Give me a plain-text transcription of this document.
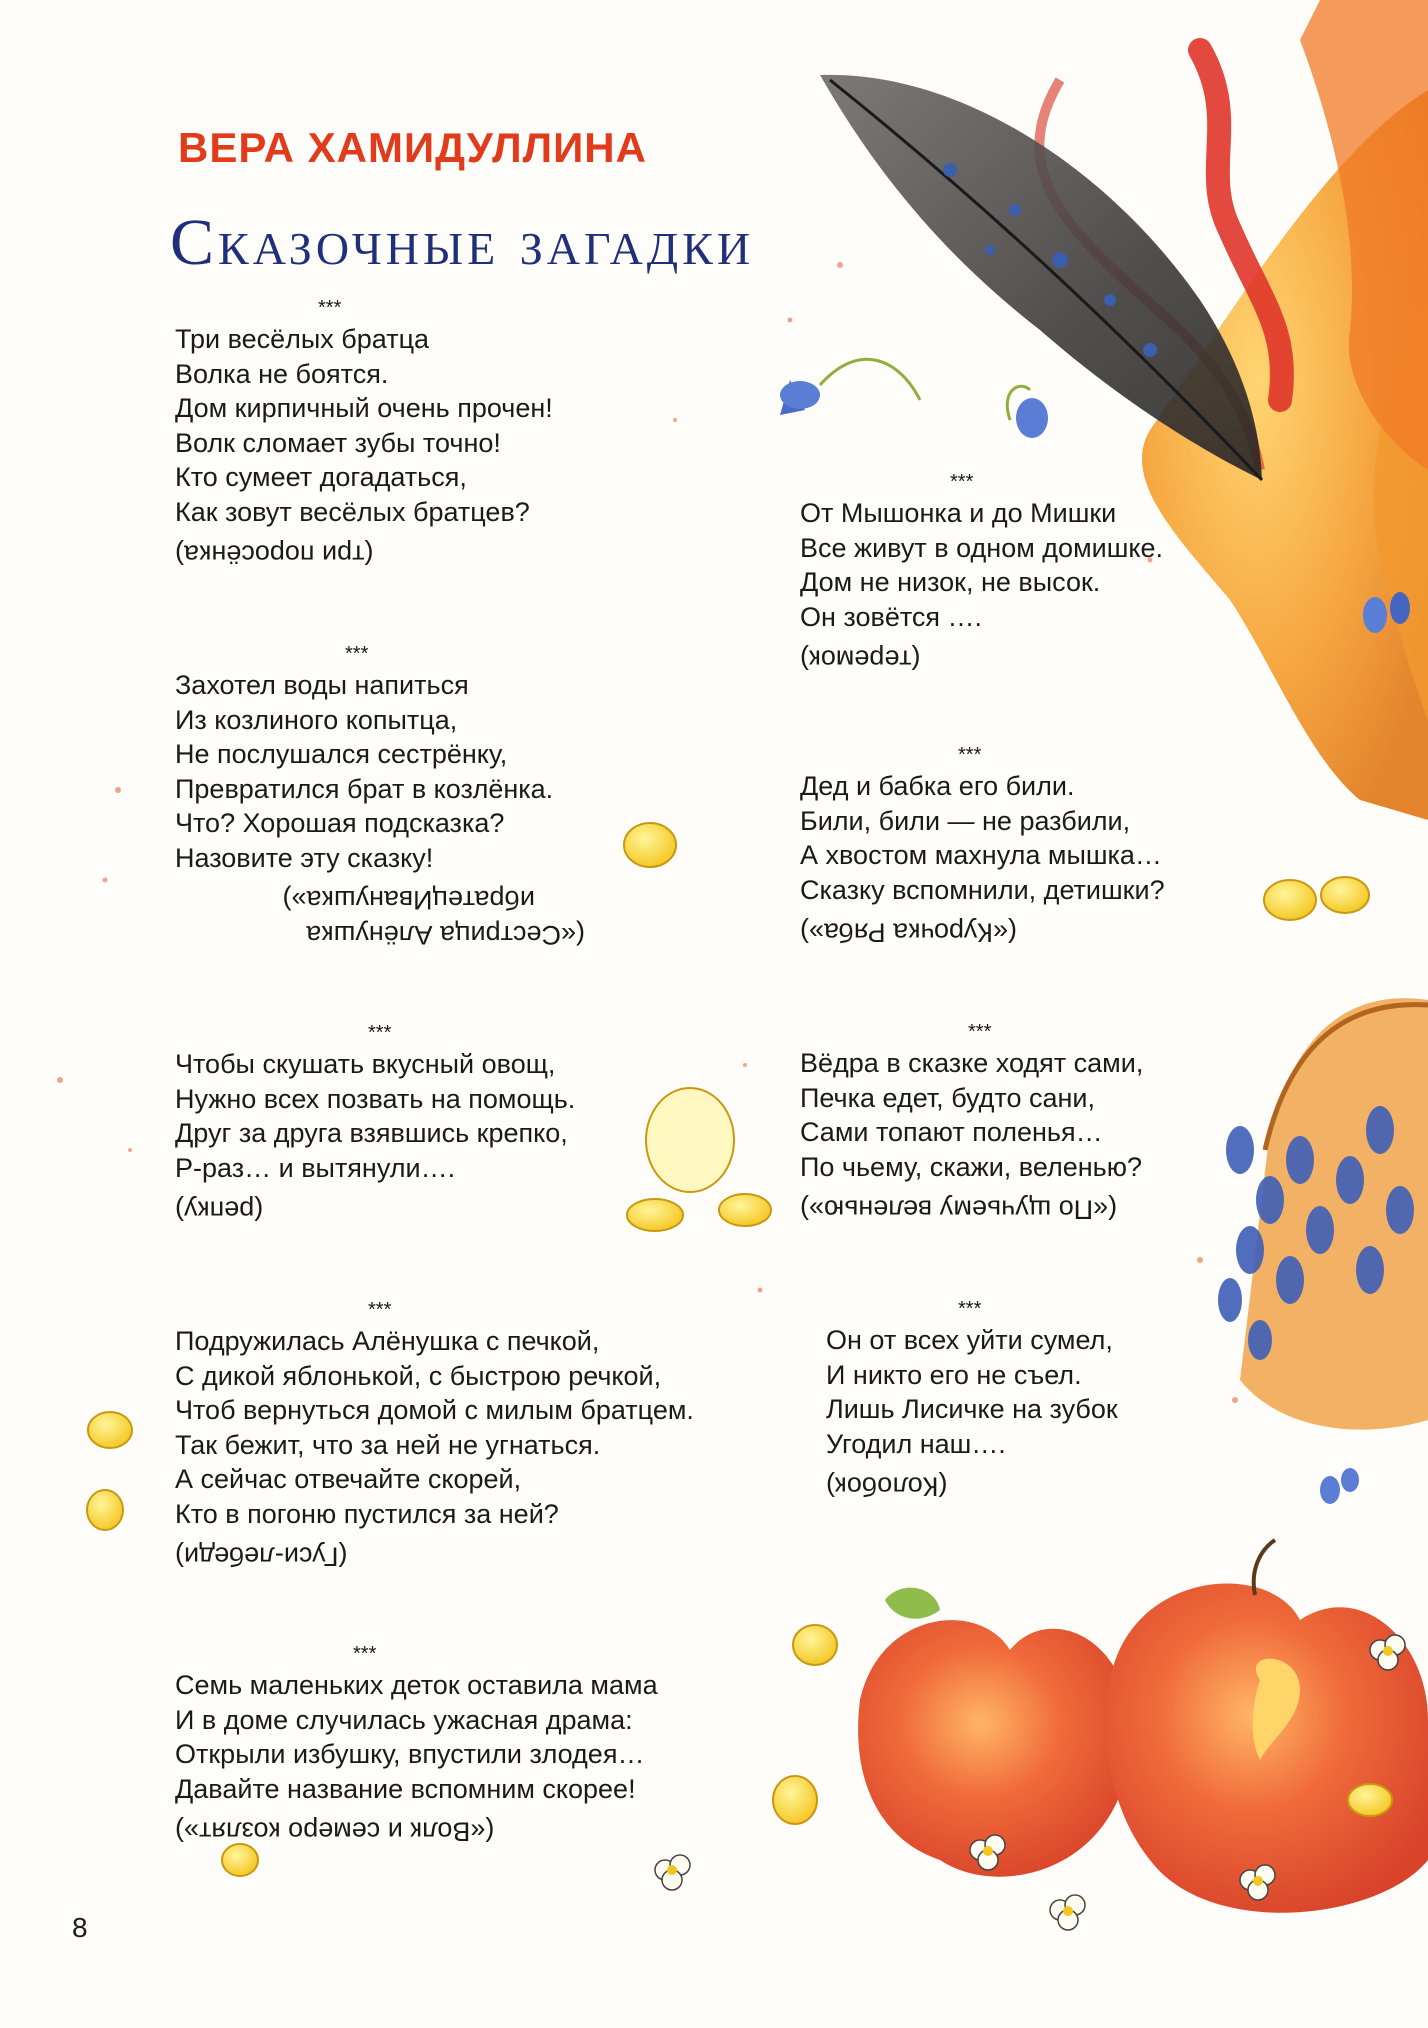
ВЕРА ХАМИДУЛЛИНА
Сказочные загадки
***
Три весёлых братца
Волка не боятся.
Дом кирпичный очень прочен!
Волк сломает зубы точно!
Кто сумеет догадаться,
Как зовут весёлых братцев?
(три поросёнка)
***
Захотел воды напиться
Из козлиного копытца,
Не послушался сестрёнку,
Превратился брат в козлёнка.
Что? Хорошая подсказка?
Назовите эту сказку!
(«Сестрица Алёнушка
ибратецИванушка»)
***
Чтобы скушать вкусный овощ,
Нужно всех позвать на помощь.
Друг за друга взявшись крепко,
Р-раз… и вытянули….
(репку)
***
Подружилась Алёнушка с печкой,
С дикой яблонькой, с быстрою речкой,
Чтоб вернуться домой с милым братцем.
Так бежит, что за ней не угнаться.
А сейчас отвечайте скорей,
Кто в погоню пустился за ней?
(Гуси-лебеди)
***
Семь маленьких деток оставила мама
И в доме случилась ужасная драма:
Открыли избушку, впустили злодея…
Давайте название вспомним скорее!
(«Волк и семеро козлят»)
***
От Мышонка и до Мишки
Все живут в одном домишке.
Дом не низок, не высок.
Он зовётся ….
(теремок)
***
Дед и бабка его били.
Били, били — не разбили,
А хвостом махнула мышка…
Сказку вспомнили, детишки?
(«Курочка Ряба»)
***
Вёдра в сказке ходят сами,
Печка едет, будто сани,
Сами топают поленья…
По чьему, скажи, веленью?
(«По щучьему веленью»)
***
Он от всех уйти сумел,
И никто его не съел.
Лишь Лисичке на зубок
Угодил наш….
(Колобок)
8
